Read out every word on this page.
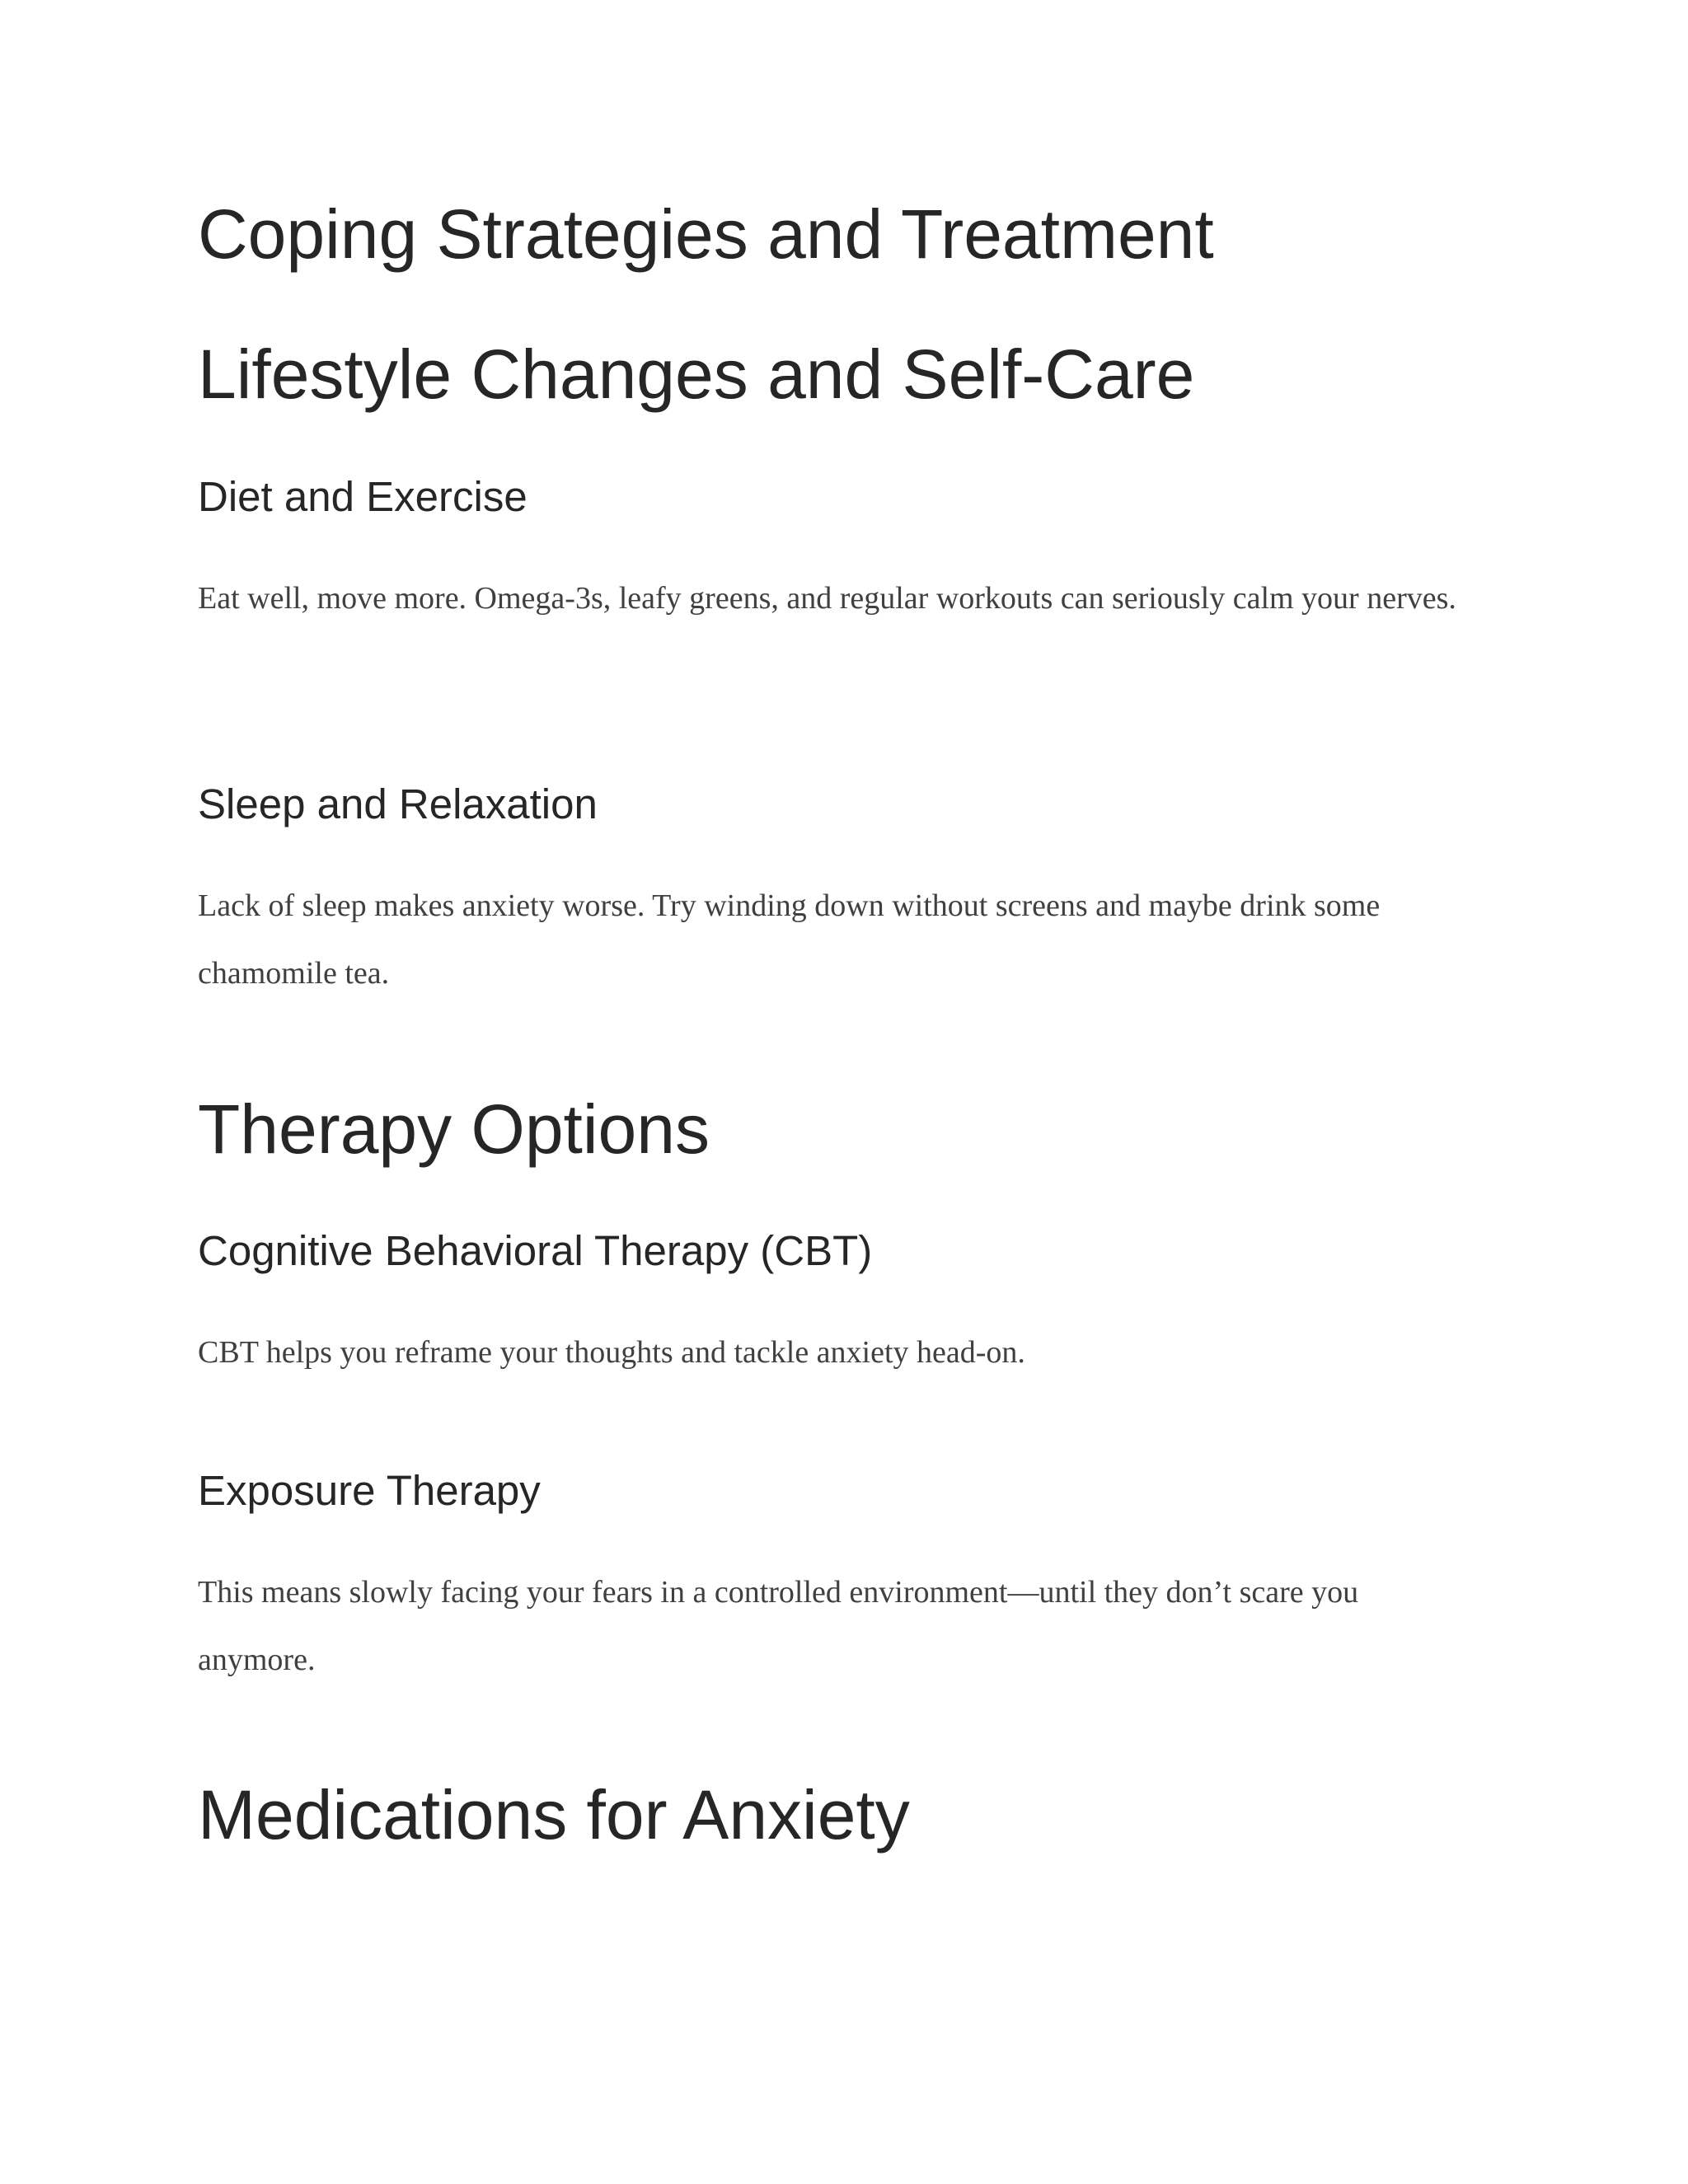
Coping Strategies and Treatment
Lifestyle Changes and Self-Care
Diet and Exercise

Eat well, move more. Omega-3s, leafy greens, and regular workouts can seriously calm your nerves.

Sleep and Relaxation

Lack of sleep makes anxiety worse. Try winding down without screens and maybe drink some chamomile tea.

Therapy Options
Cognitive Behavioral Therapy (CBT)

CBT helps you reframe your thoughts and tackle anxiety head-on.

Exposure Therapy

This means slowly facing your fears in a controlled environment—until they don’t scare you anymore.

Medications for Anxiety
